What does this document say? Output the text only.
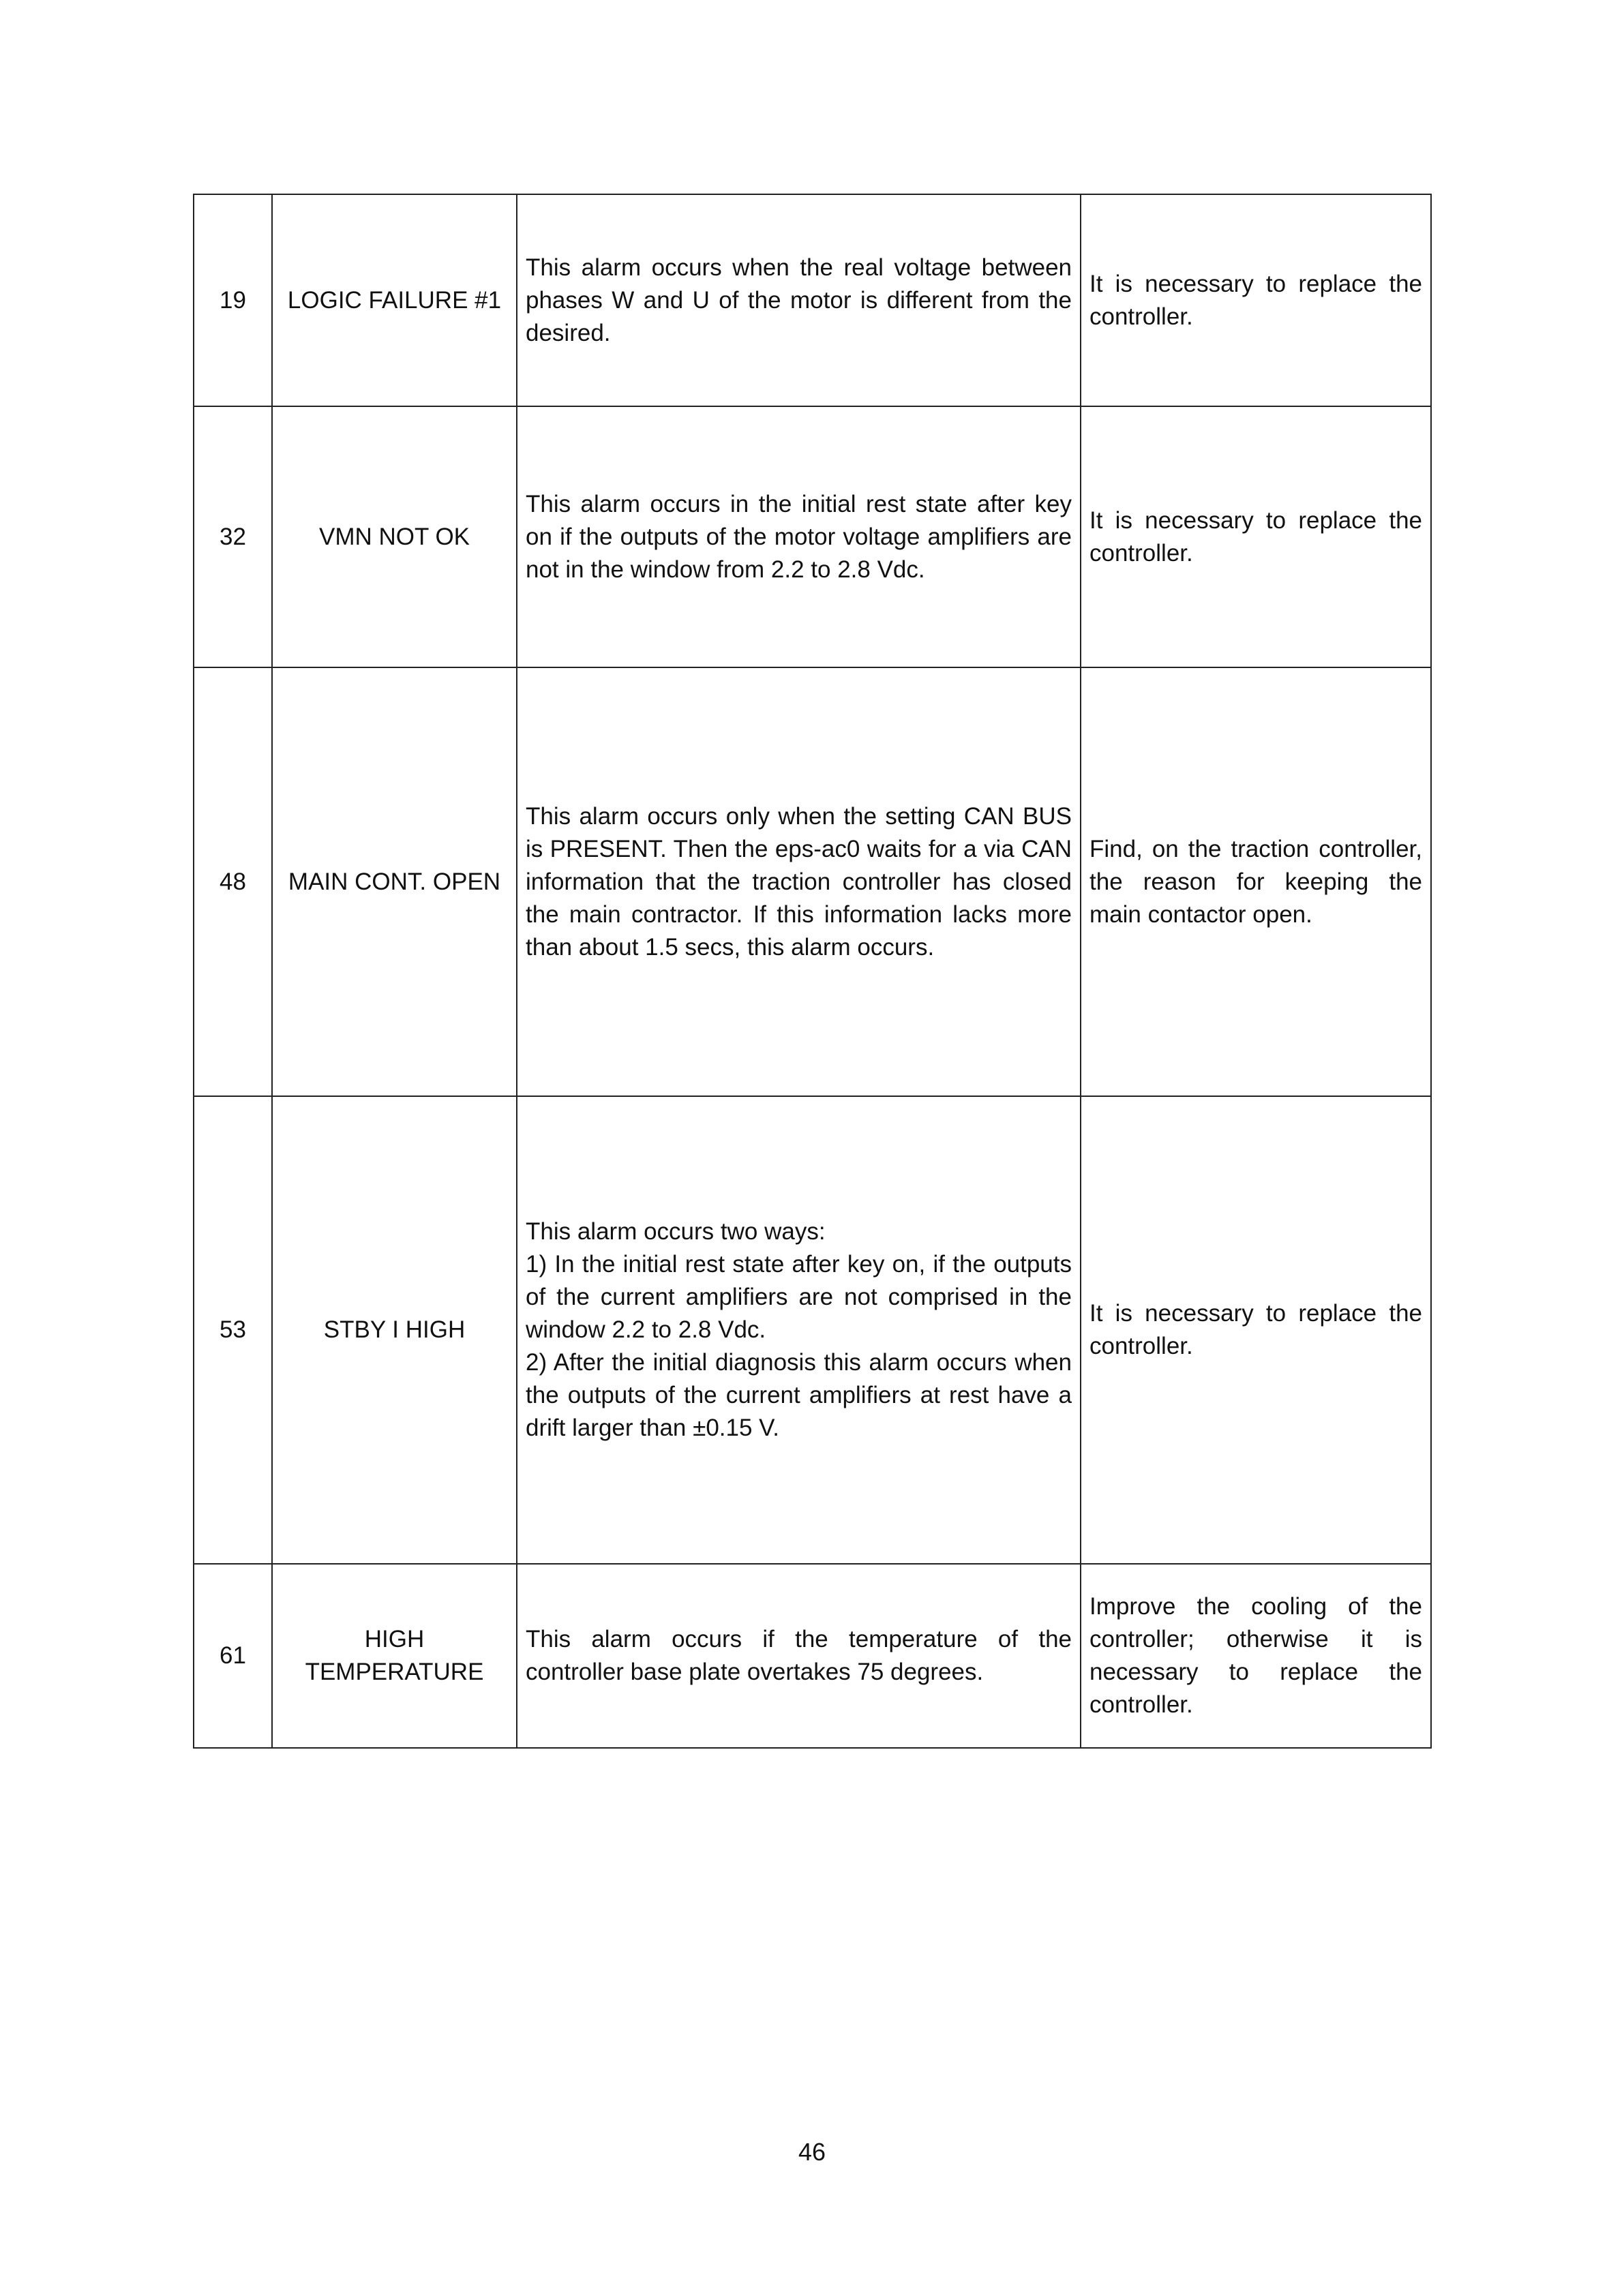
19	LOGIC FAILURE #1	This alarm occurs when the real voltage between phases W and U of the motor is different from the desired.	It is necessary to replace the controller.
32	VMN NOT OK	This alarm occurs in the initial rest state after key on if the outputs of the motor voltage amplifiers are not in the window from 2.2 to 2.8 Vdc.	It is necessary to replace the controller.
48	MAIN CONT. OPEN	This alarm occurs only when the setting CAN BUS is PRESENT. Then the eps-ac0 waits for a via CAN information that the traction controller has closed the main contractor. If this information lacks more than about 1.5 secs, this alarm occurs.	Find, on the traction controller, the reason for keeping the main contactor open.
53	STBY I HIGH	This alarm occurs two ways:
1) In the initial rest state after key on, if the outputs of the current amplifiers are not comprised in the window 2.2 to 2.8 Vdc.
2) After the initial diagnosis this alarm occurs when the outputs of the current amplifiers at rest have a drift larger than ±0.15 V.	It is necessary to replace the controller.
61	HIGH
TEMPERATURE	This alarm occurs if the temperature of the controller base plate overtakes 75 degrees.	Improve the cooling of the controller; otherwise it is necessary to replace the controller.
46
